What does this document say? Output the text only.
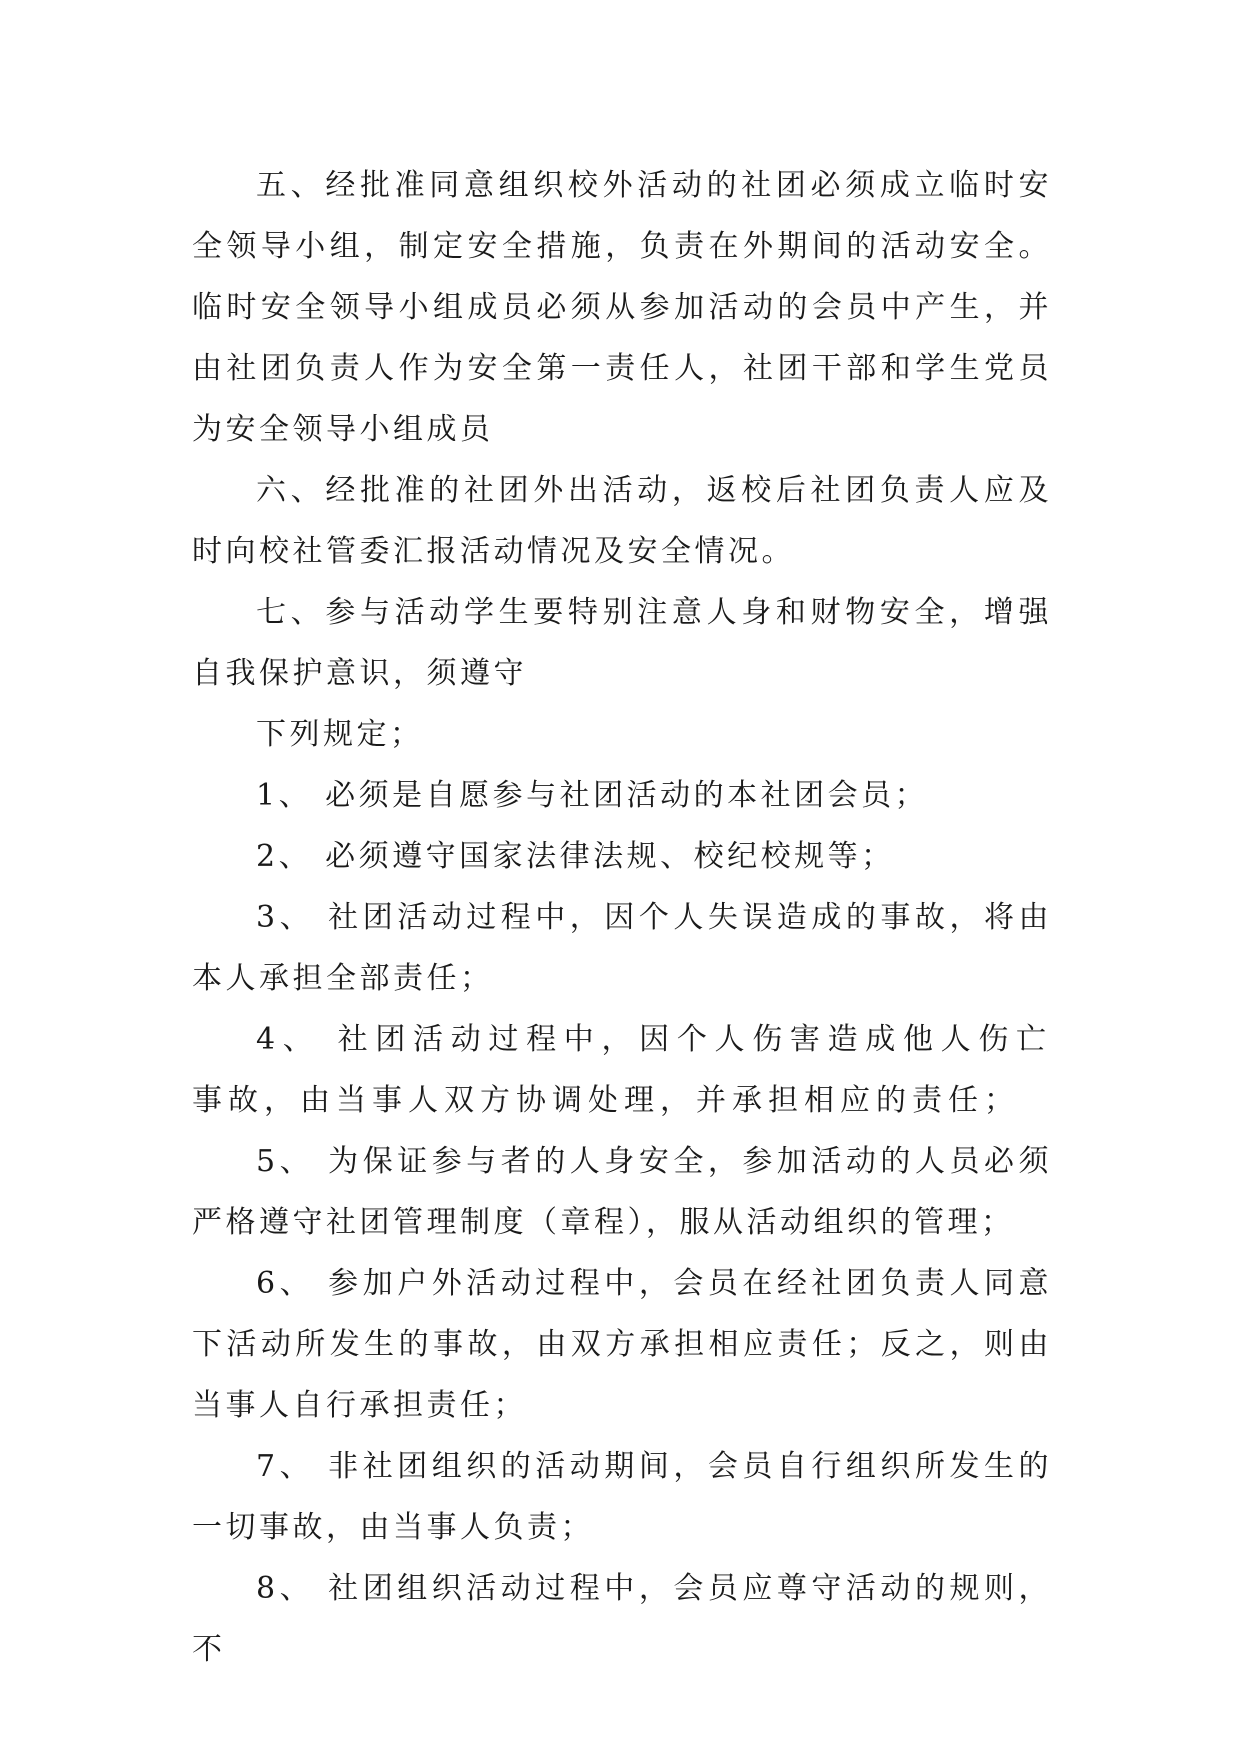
五、经批准同意组织校外活动的社团必须成立临时安全领导小组，制定安全措施，负责在外期间的活动安全。临时安全领导小组成员必须从参加活动的会员中产生，并由社团负责人作为安全第一责任人，社团干部和学生党员为安全领导小组成员

六、经批准的社团外出活动，返校后社团负责人应及时向校社管委汇报活动情况及安全情况。

七、参与活动学生要特别注意人身和财物安全，增强自我保护意识，须遵守

下列规定；

1、 必须是自愿参与社团活动的本社团会员；

2、 必须遵守国家法律法规、校纪校规等；

3、 社团活动过程中，因个人失误造成的事故，将由本人承担全部责任；

4、 社团活动过程中，因个人伤害造成他人伤亡事故，由当事人双方协调处理，并承担相应的责任；

5、 为保证参与者的人身安全，参加活动的人员必须严格遵守社团管理制度（章程），服从活动组织的管理；

6、 参加户外活动过程中，会员在经社团负责人同意下活动所发生的事故，由双方承担相应责任；反之，则由当事人自行承担责任；

7、 非社团组织的活动期间，会员自行组织所发生的一切事故，由当事人负责；

8、 社团组织活动过程中，会员应尊守活动的规则，不
